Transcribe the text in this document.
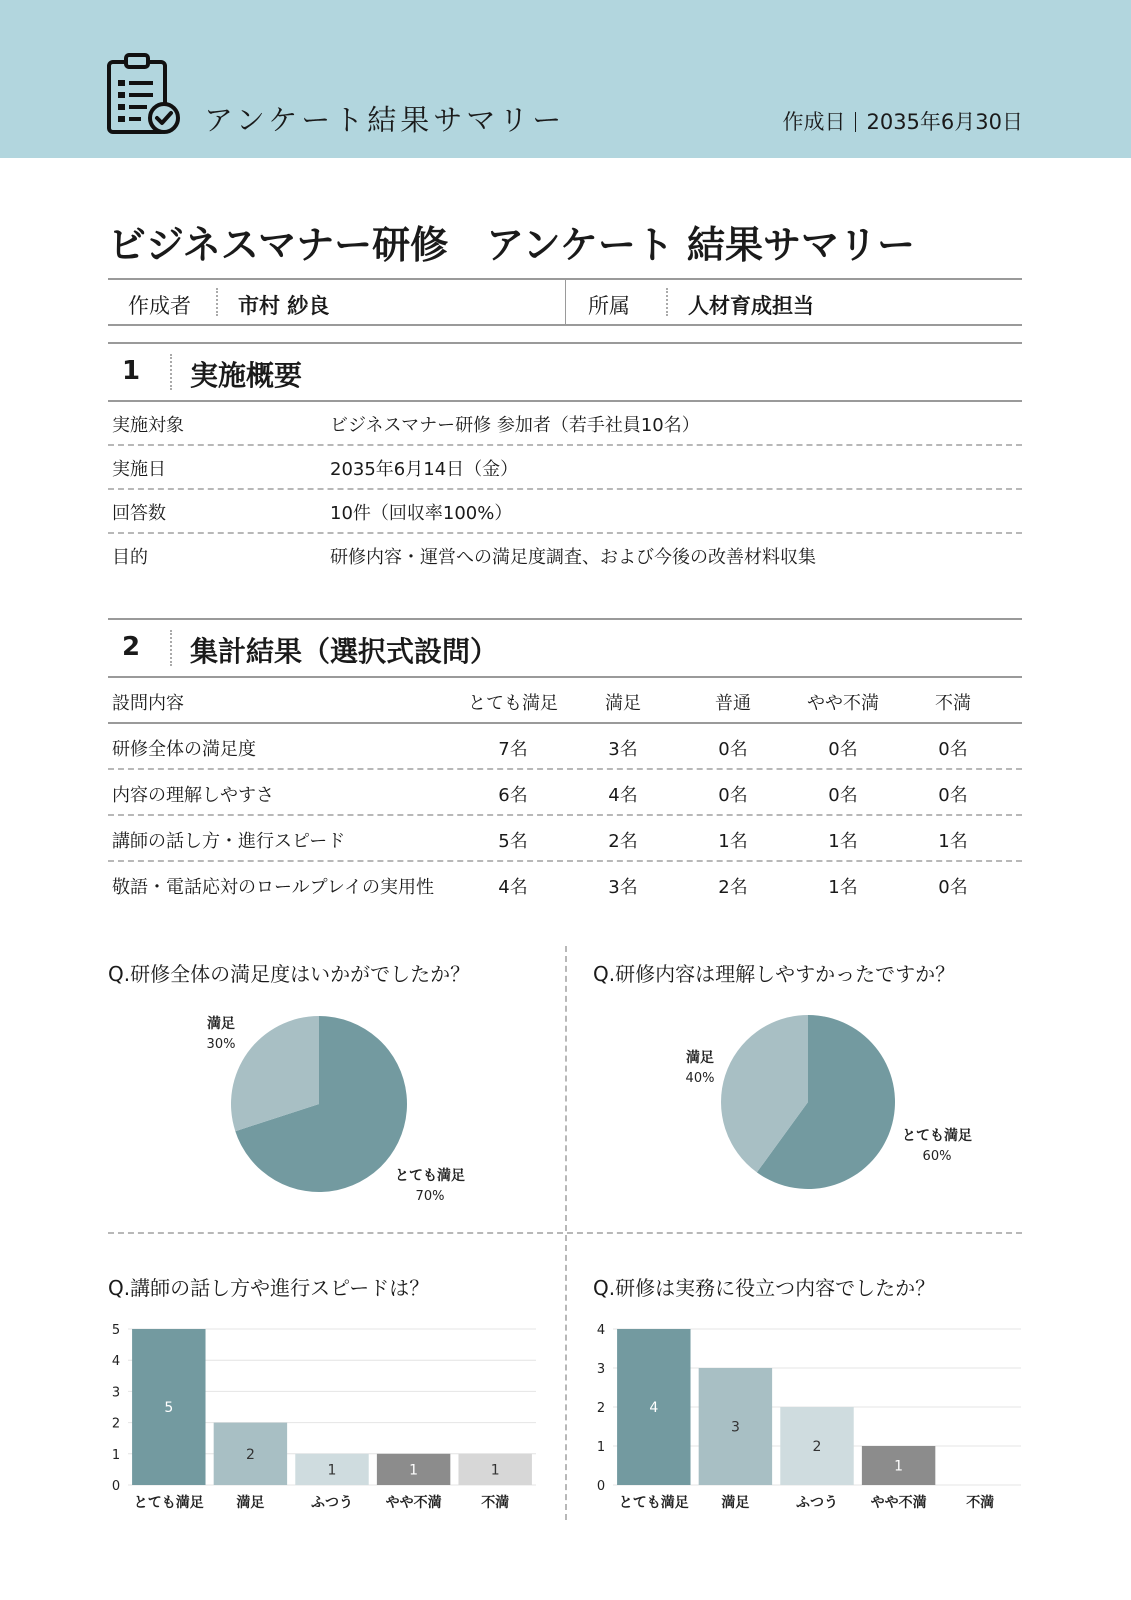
アンケート結果サマリー	作成日 2035年6月30日
ビジネスマナー研修　アンケート 結果サマリー
作成者 市村 紗良	所属	人材育成担当
1 実施概要
実施対象	ビジネスマナー研修 参加者（若手社員10名）
実施日	2035年6月14日（金）
回答数	10件（回収率100%）
目的	研修内容・運営への満足度調査、および今後の改善材料収集
2 集計結果（選択式設問）
設問内容	とても満足	満足	普通	やや不満	不満
研修全体の満足度	7名	3名	0名	0名	0名
内容の理解しやすさ	6名	4名	0名	0名	0名
講師の話し方・進行スピード	5名	2名	1名	1名	1名
敬語・電話応対のロールプレイの実用性	4名	3名	2名	1名	0名
Q.研修全体の満足度はいかがでしたか？	Q.研修内容は理解しやすかったですか？
Q.講師の話し方や進行スピードは？	Q.研修は実務に役立つ内容でしたか？
とても満足
70%
満足
30%
とても満足
60%
満足
40%
0
1
2
3
4
5
5
とても満足
2
満足
1
ふつう
1
やや不満
1
不満
0
1
2
3
4
4
とても満足
3
満足
2
ふつう
1
やや不満	不満
